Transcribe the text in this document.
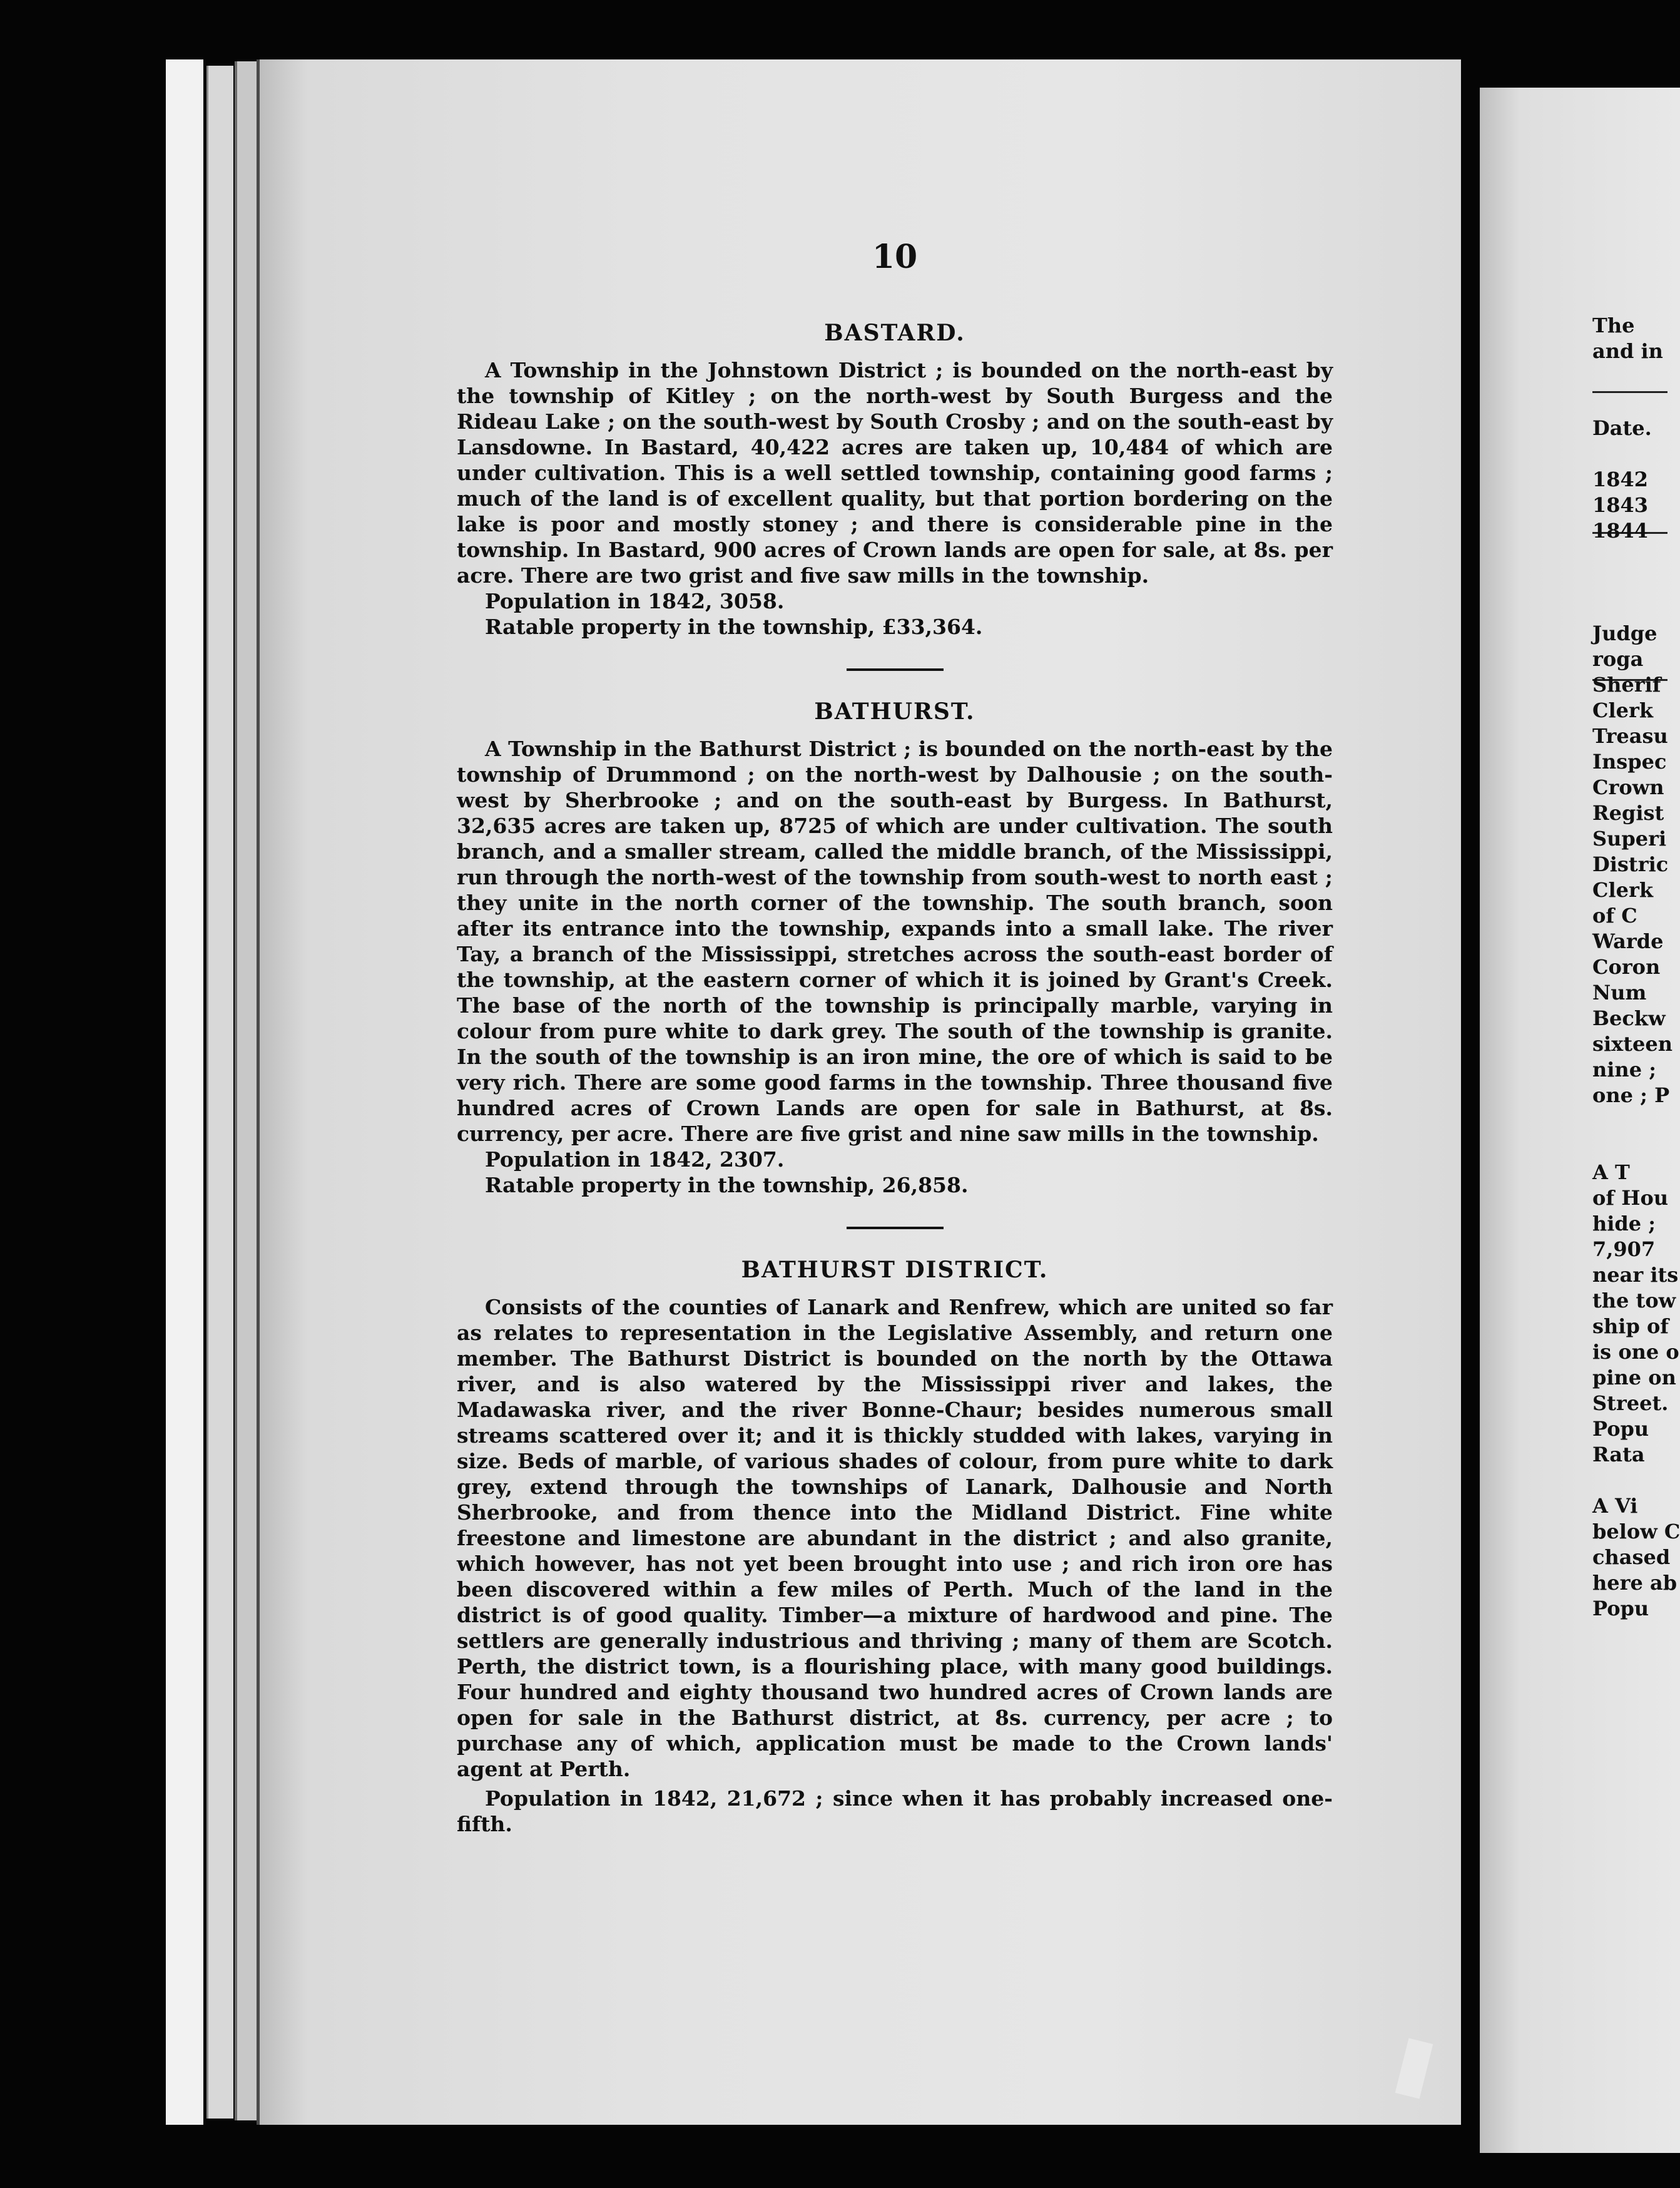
10
BASTARD.

A Township in the Johnstown District ; is bounded on the north-east by the township of Kitley ; on the north-west by South Burgess and the Rideau Lake ; on the south-west by South Crosby ; and on the south-east by Lansdowne. In Bastard, 40,422 acres are taken up, 10,484 of which are under cultivation. This is a well settled township, containing good farms ; much of the land is of excellent quality, but that portion bordering on the lake is poor and mostly stoney ; and there is considerable pine in the township. In Bastard, 900 acres of Crown lands are open for sale, at 8s. per acre. There are two grist and five saw mills in the township.

Population in 1842, 3058.

Ratable property in the township, £33,364.

BATHURST.

A Township in the Bathurst District ; is bounded on the north-east by the township of Drummond ; on the north-west by Dalhousie ; on the south-west by Sherbrooke ; and on the south-east by Burgess. In Bathurst, 32,635 acres are taken up, 8725 of which are under cultivation. The south branch, and a smaller stream, called the middle branch, of the Mississippi, run through the north-west of the township from south-west to north east ; they unite in the north corner of the township. The south branch, soon after its entrance into the township, expands into a small lake. The river Tay, a branch of the Mississippi, stretches across the south-east border of the township, at the eastern corner of which it is joined by Grant's Creek. The base of the north of the township is principally marble, varying in colour from pure white to dark grey. The south of the township is granite. In the south of the township is an iron mine, the ore of which is said to be very rich. There are some good farms in the township. Three thousand five hundred acres of Crown Lands are open for sale in Bathurst, at 8s. currency, per acre. There are five grist and nine saw mills in the township.

Population in 1842, 2307.

Ratable property in the township, 26,858.

BATHURST DISTRICT.

Consists of the counties of Lanark and Renfrew, which are united so far as relates to representation in the Legislative Assembly, and return one member. The Bathurst District is bounded on the north by the Ottawa river, and is also watered by the Mississippi river and lakes, the Madawaska river, and the river Bonne-Chaur; besides numerous small streams scattered over it; and it is thickly studded with lakes, varying in size. Beds of marble, of various shades of colour, from pure white to dark grey, extend through the townships of Lanark, Dalhousie and North Sherbrooke, and from thence into the Midland District. Fine white freestone and limestone are abundant in the district ; and also granite, which however, has not yet been brought into use ; and rich iron ore has been discovered within a few miles of Perth. Much of the land in the district is of good quality. Timber—a mixture of hardwood and pine. The settlers are generally industrious and thriving ; many of them are Scotch. Perth, the district town, is a flourishing place, with many good buildings. Four hundred and eighty thousand two hundred acres of Crown lands are open for sale in the Bathurst district, at 8s. currency, per acre ; to purchase any of which, application must be made to the Crown lands' agent at Perth.

Population in 1842, 21,672 ; since when it has probably increased one-fifth.

The
and in
Date.
1842
1843
1844
Judge
roga
Sherif
Clerk
Treasu
Inspec
Crown
Regist
Superi
Distric
Clerk
of C
Warde
Coron
Num
Beckw
sixteen
nine ;
one ; P
A T
of Hou
hide ;
7,907
near its
the tow
ship of
is one o
pine on
Street.
Popu
Rata
A Vi
below C
chased
here ab
Popu
